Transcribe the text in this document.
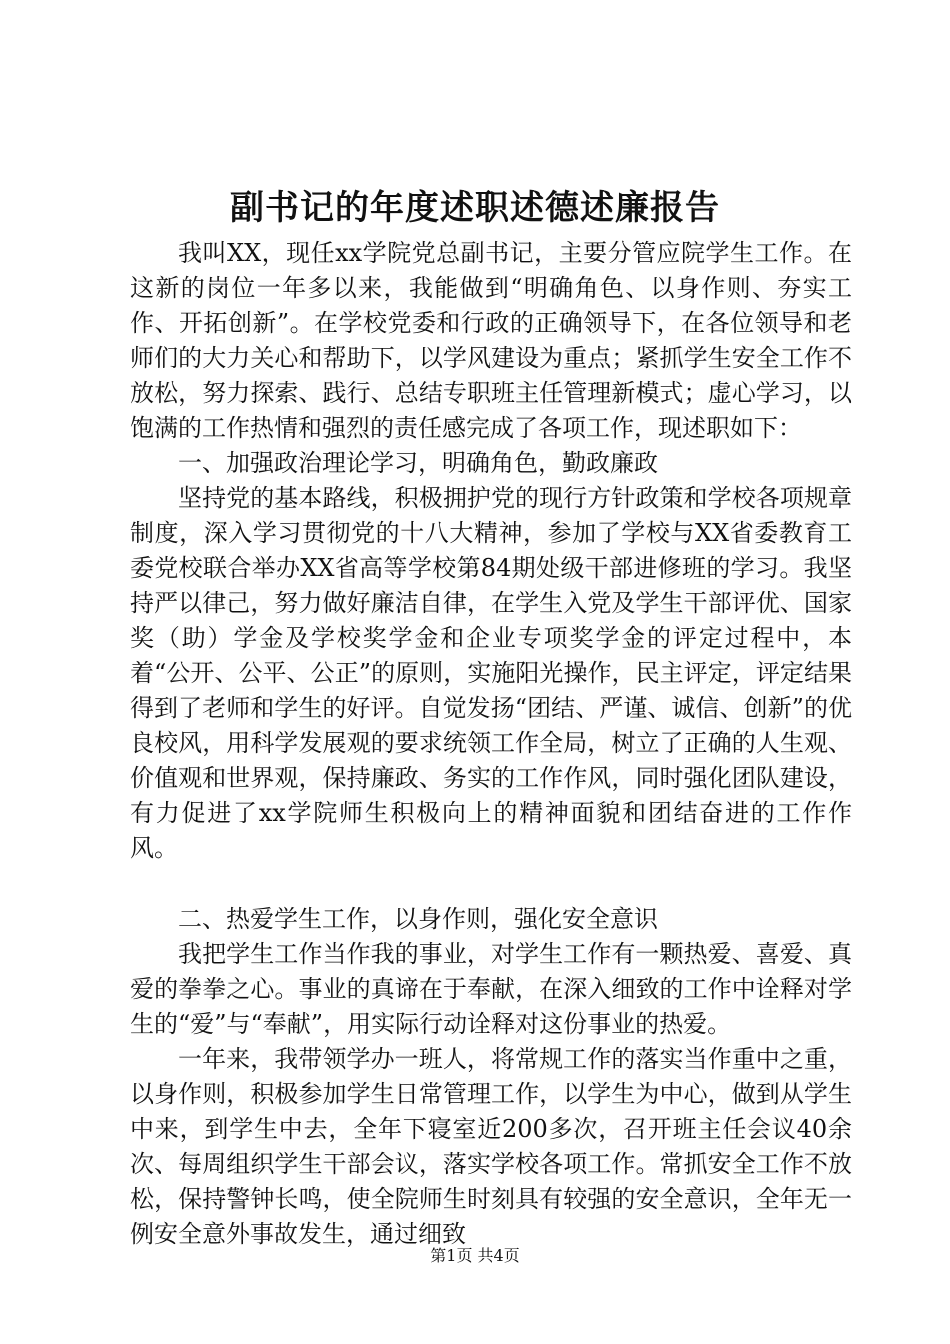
副书记的年度述职述德述廉报告

我叫XX，现任xx学院党总副书记，主要分管应院学生工作。在这新的岗位一年多以来，我能做到“明确角色、以身作则、夯实工作、开拓创新”。在学校党委和行政的正确领导下，在各位领导和老师们的大力关心和帮助下，以学风建设为重点；紧抓学生安全工作不放松，努力探索、践行、总结专职班主任管理新模式；虚心学习，以饱满的工作热情和强烈的责任感完成了各项工作，现述职如下：

一、加强政治理论学习，明确角色，勤政廉政

坚持党的基本路线，积极拥护党的现行方针政策和学校各项规章制度，深入学习贯彻党的十八大精神，参加了学校与XX省委教育工委党校联合举办XX省高等学校第84期处级干部进修班的学习。我坚持严以律己，努力做好廉洁自律，在学生入党及学生干部评优、国家奖（助）学金及学校奖学金和企业专项奖学金的评定过程中，本着“公开、公平、公正”的原则，实施阳光操作，民主评定，评定结果得到了老师和学生的好评。自觉发扬“团结、严谨、诚信、创新”的优良校风，用科学发展观的要求统领工作全局，树立了正确的人生观、价值观和世界观，保持廉政、务实的工作作风，同时强化团队建设，有力促进了xx学院师生积极向上的精神面貌和团结奋进的工作作风。

二、热爱学生工作，以身作则，强化安全意识

我把学生工作当作我的事业，对学生工作有一颗热爱、喜爱、真爱的拳拳之心。事业的真谛在于奉献，在深入细致的工作中诠释对学生的“爱”与“奉献”，用实际行动诠释对这份事业的热爱。

一年来，我带领学办一班人，将常规工作的落实当作重中之重，以身作则，积极参加学生日常管理工作，以学生为中心，做到从学生中来，到学生中去，全年下寝室近200多次，召开班主任会议40余次、每周组织学生干部会议，落实学校各项工作。常抓安全工作不放松，保持警钟长鸣，使全院师生时刻具有较强的安全意识，全年无一例安全意外事故发生，通过细致

第1页 共4页
